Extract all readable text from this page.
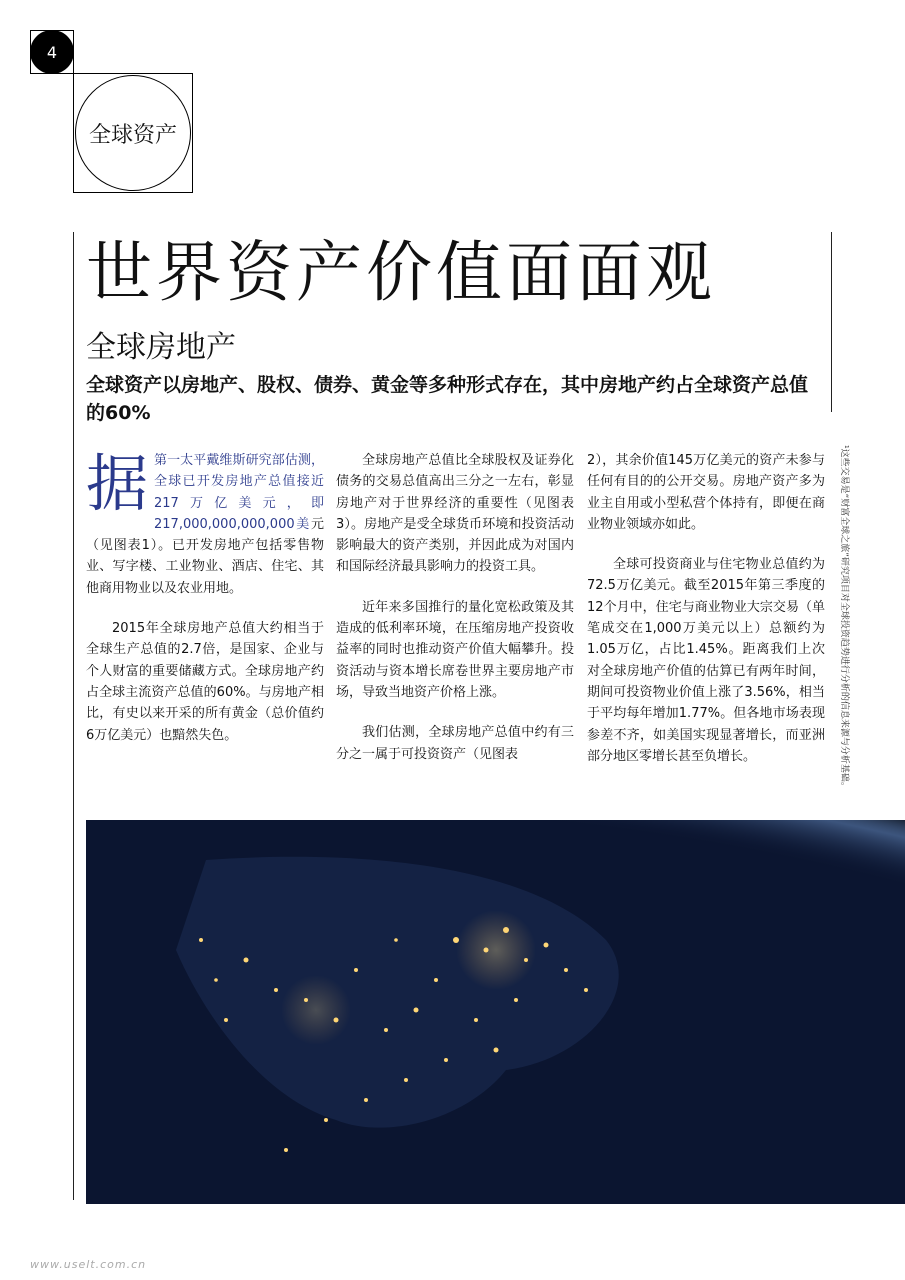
4
全球资产
世界资产价值面面观
全球房地产
全球资产以房地产、股权、债券、黄金等多种形式存在，其中房地产约占全球资产总值的60%

据第一太平戴维斯研究部估测，全球已开发房地产总值接近217万亿美元，即217,000,000,000,000美元（见图表1）。已开发房地产包括零售物业、写字楼、工业物业、酒店、住宅、其他商用物业以及农业用地。

2015年全球房地产总值大约相当于全球生产总值的2.7倍，是国家、企业与个人财富的重要储藏方式。全球房地产约占全球主流资产总值的60%。与房地产相比，有史以来开采的所有黄金（总价值约6万亿美元）也黯然失色。

全球房地产总值比全球股权及证券化债务的交易总值高出三分之一左右，彰显房地产对于世界经济的重要性（见图表3）。房地产是受全球货币环境和投资活动影响最大的资产类别，并因此成为对国内和国际经济最具影响力的投资工具。

近年来多国推行的量化宽松政策及其造成的低利率环境，在压缩房地产投资收益率的同时也推动资产价值大幅攀升。投资活动与资本增长席卷世界主要房地产市场，导致当地资产价格上涨。

我们估测，全球房地产总值中约有三分之一属于可投资资产（见图表

2），其余价值145万亿美元的资产未参与任何有目的的公开交易。房地产资产多为业主自用或小型私营个体持有，即便在商业物业领域亦如此。

全球可投资商业与住宅物业总值约为72.5万亿美元。截至2015年第三季度的12个月中，住宅与商业物业大宗交易（单笔成交在1,000万美元以上）总额约为1.05万亿，占比1.45%。距离我们上次对全球房地产价值的估算已有两年时间，期间可投资物业价值上涨了3.56%，相当于平均每年增加1.77%。但各地市场表现参差不齐，如美国实现显著增长，而亚洲部分地区零增长甚至负增长。	¹这些交易是“财富全球之旅”研究项目对全球投资趋势进行分析的信息来源与分析基础。
www.uselt.com.cn
